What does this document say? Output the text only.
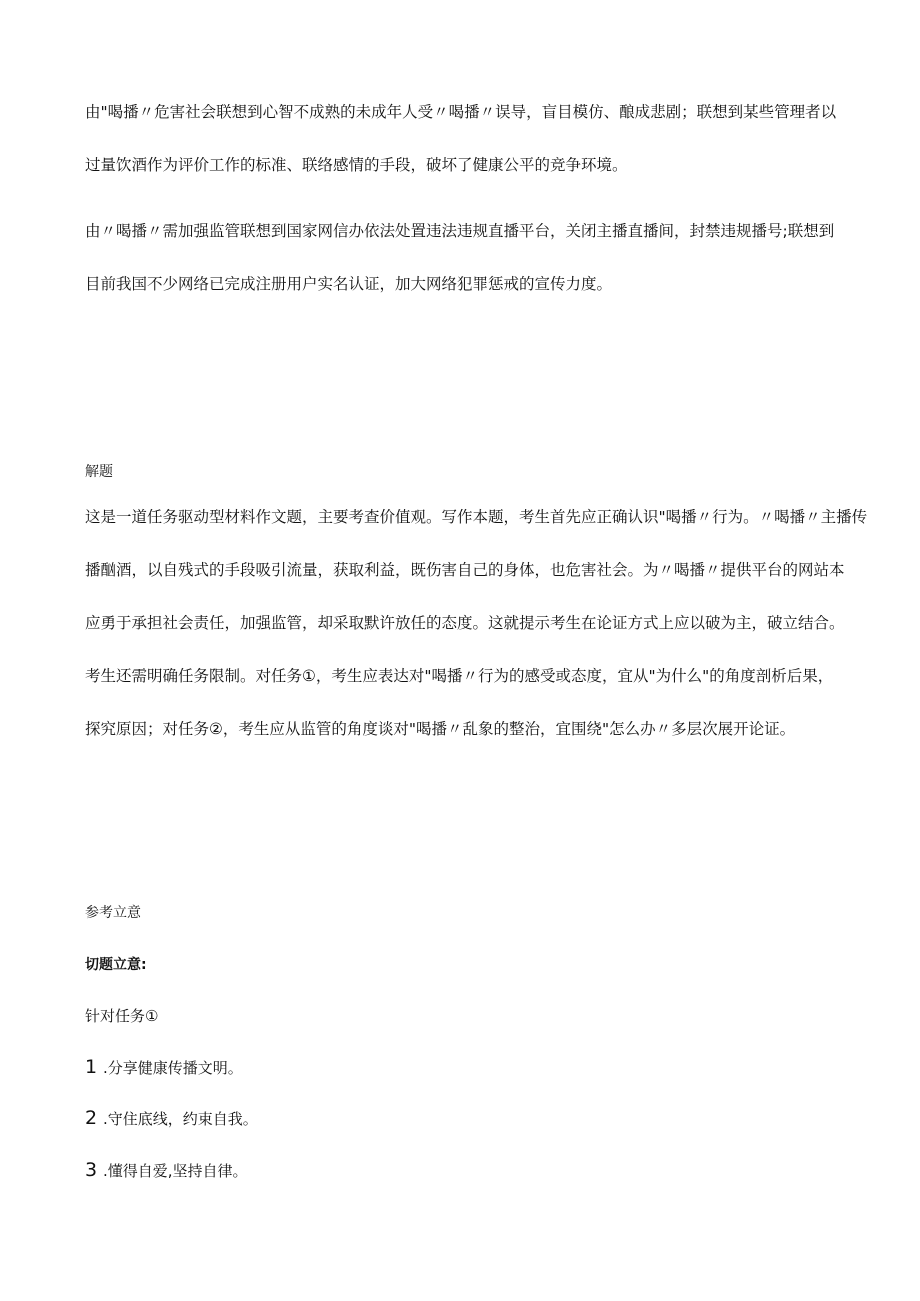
由"喝播〃危害社会联想到心智不成熟的未成年人受〃喝播〃误导，盲目模仿、酿成悲剧；联想到某些管理者以
过量饮酒作为评价工作的标准、联络感情的手段，破坏了健康公平的竞争环境。
由〃喝播〃需加强监管联想到国家网信办依法处置违法违规直播平台，关闭主播直播间，封禁违规播号;联想到
目前我国不少网络已完成注册用户实名认证，加大网络犯罪惩戒的宣传力度。
解题
这是一道任务驱动型材料作文题，主要考查价值观。写作本题，考生首先应正确认识"喝播〃行为。〃喝播〃主播传
播酗酒，以自残式的手段吸引流量，获取利益，既伤害自己的身体，也危害社会。为〃喝播〃提供平台的网站本
应勇于承担社会责任，加强监管，却采取默许放任的态度。这就提示考生在论证方式上应以破为主，破立结合。
考生还需明确任务限制。对任务①，考生应表达对"喝播〃行为的感受或态度，宜从"为什么"的角度剖析后果，
探究原因；对任务②，考生应从监管的角度谈对"喝播〃乱象的整治，宜围绕"怎么办〃多层次展开论证。
参考立意
切题立意:
针对任务①
1 .分享健康传播文明。
2 .守住底线，约束自我。
3 .懂得自爱,坚持自律。
